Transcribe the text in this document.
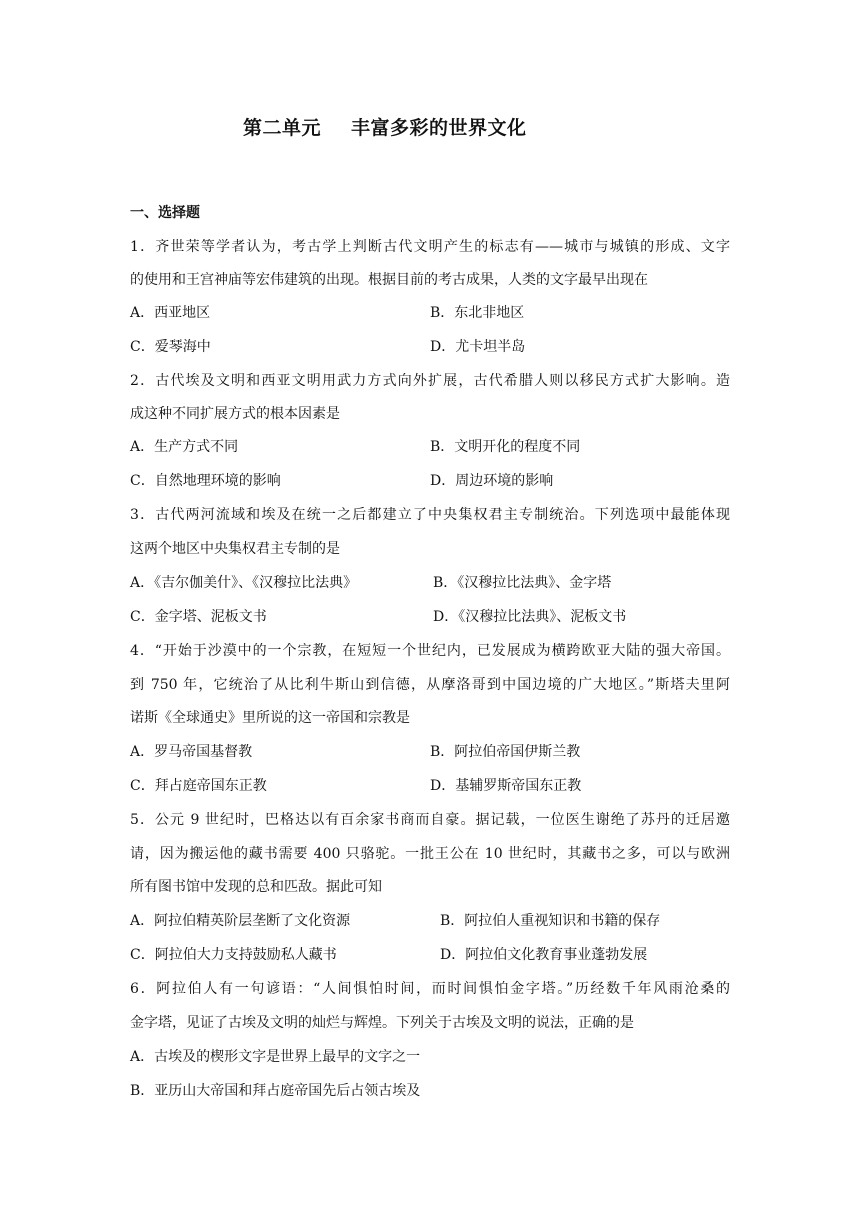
第二单元 丰富多彩的世界文化
一、选择题
1．齐世荣等学者认为，考古学上判断古代文明产生的标志有——城市与城镇的形成、文字
的使用和王宫神庙等宏伟建筑的出现。根据目前的考古成果，人类的文字最早出现在
A．西亚地区	B．东北非地区
C．爱琴海中	D．尤卡坦半岛
2．古代埃及文明和西亚文明用武力方式向外扩展，古代希腊人则以移民方式扩大影响。造
成这种不同扩展方式的根本因素是
A．生产方式不同	B．文明开化的程度不同
C．自然地理环境的影响	D．周边环境的影响
3．古代两河流域和埃及在统一之后都建立了中央集权君主专制统治。下列选项中最能体现
这两个地区中央集权君主专制的是
A．《吉尔伽美什》、《汉穆拉比法典》	B．《汉穆拉比法典》、金字塔
C．金字塔、泥板文书	D．《汉穆拉比法典》、泥板文书
4．“开始于沙漠中的一个宗教，在短短一个世纪内，已发展成为横跨欧亚大陆的强大帝国。
到 750 年，它统治了从比利牛斯山到信德，从摩洛哥到中国边境的广大地区。”斯塔夫里阿
诺斯《全球通史》里所说的这一帝国和宗教是
A．罗马帝国基督教	B．阿拉伯帝国伊斯兰教
C．拜占庭帝国东正教	D．基辅罗斯帝国东正教
5．公元 9 世纪时，巴格达以有百余家书商而自豪。据记载，一位医生谢绝了苏丹的迁居邀
请，因为搬运他的藏书需要 400 只骆驼。一批王公在 10 世纪时，其藏书之多，可以与欧洲
所有图书馆中发现的总和匹敌。据此可知
A．阿拉伯精英阶层垄断了文化资源	B．阿拉伯人重视知识和书籍的保存
C．阿拉伯大力支持鼓励私人藏书	D．阿拉伯文化教育事业蓬勃发展
6．阿拉伯人有一句谚语：“人间惧怕时间，而时间惧怕金字塔。”历经数千年风雨沧桑的
金字塔，见证了古埃及文明的灿烂与辉煌。下列关于古埃及文明的说法，正确的是
A．古埃及的楔形文字是世界上最早的文字之一
B．亚历山大帝国和拜占庭帝国先后占领古埃及
